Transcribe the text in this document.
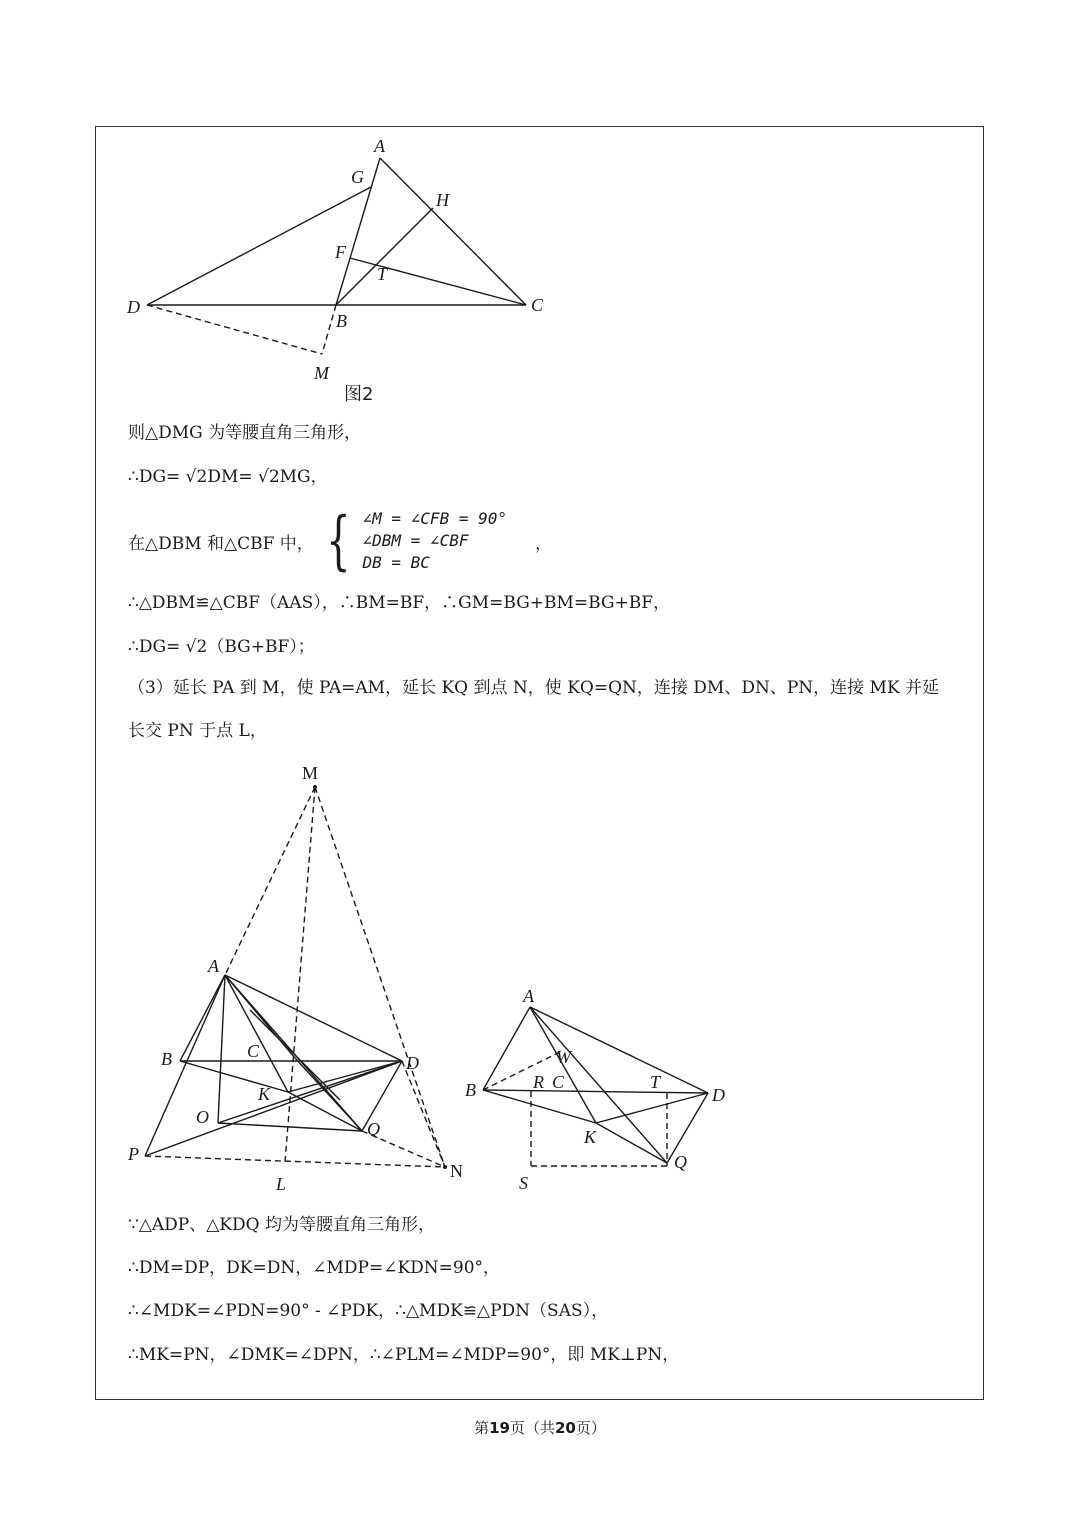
A
G
H
F
T
D
B
C
M
图2
则△DMG 为等腰直角三角形，
∴DG= √2DM= √2MG，
在△DBM 和△CBF 中， { ∠M = ∠CFB = 90°
∠DBM = ∠CBF
DB = BC
，
∴△DBM≌△CBF（AAS），∴BM=BF，∴GM=BG+BM=BG+BF，
∴DG= √2（BG+BF）；
（3）延长 PA 到 M，使 PA=AM，延长 KQ 到点 N，使 KQ=QN，连接 DM、DN、PN，连接 MK 并延
长交 PN 于点 L，
M
A
B	C
D
K
O
Q
P
L
N
A
W
B	R C	T
D
K
Q
S
∵△ADP、△KDQ 均为等腰直角三角形，
∴DM=DP，DK=DN，∠MDP=∠KDN=90°，
∴∠MDK=∠PDN=90° - ∠PDK，∴△MDK≌△PDN（SAS），
∴MK=PN，∠DMK=∠DPN，∴∠PLM=∠MDP=90°，即 MK⊥PN，
第19页（共20页）
